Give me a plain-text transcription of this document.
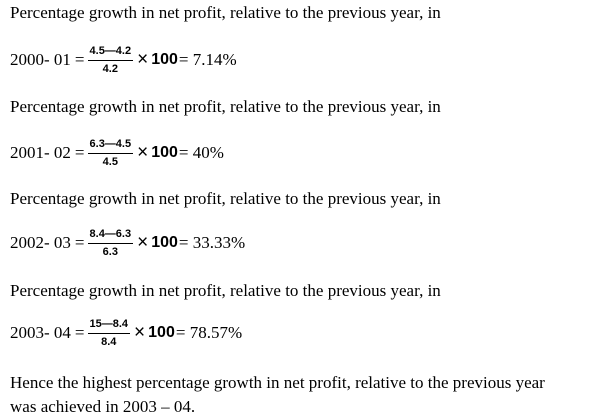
Percentage growth in net profit, relative to the previous year, in
2000- $01 = \frac{4.5—4.2}{4.2} \times 100 = 7.14\%$
Percentage growth in net profit, relative to the previous year, in
2001- $02 = \frac{6.3—4.5}{4.5} \times 100 = 40\%$
Percentage growth in net profit, relative to the previous year, in
2002- $03 = \frac{8.4—6.3}{6.3} \times 100 = 33.33\%$
Percentage growth in net profit, relative to the previous year, in
2003- $04 = \frac{15—8.4}{8.4} \times 100 = 78.57\%$
Hence the highest percentage growth in net profit, relative to the previous year
was achieved in 2003 – 04.
